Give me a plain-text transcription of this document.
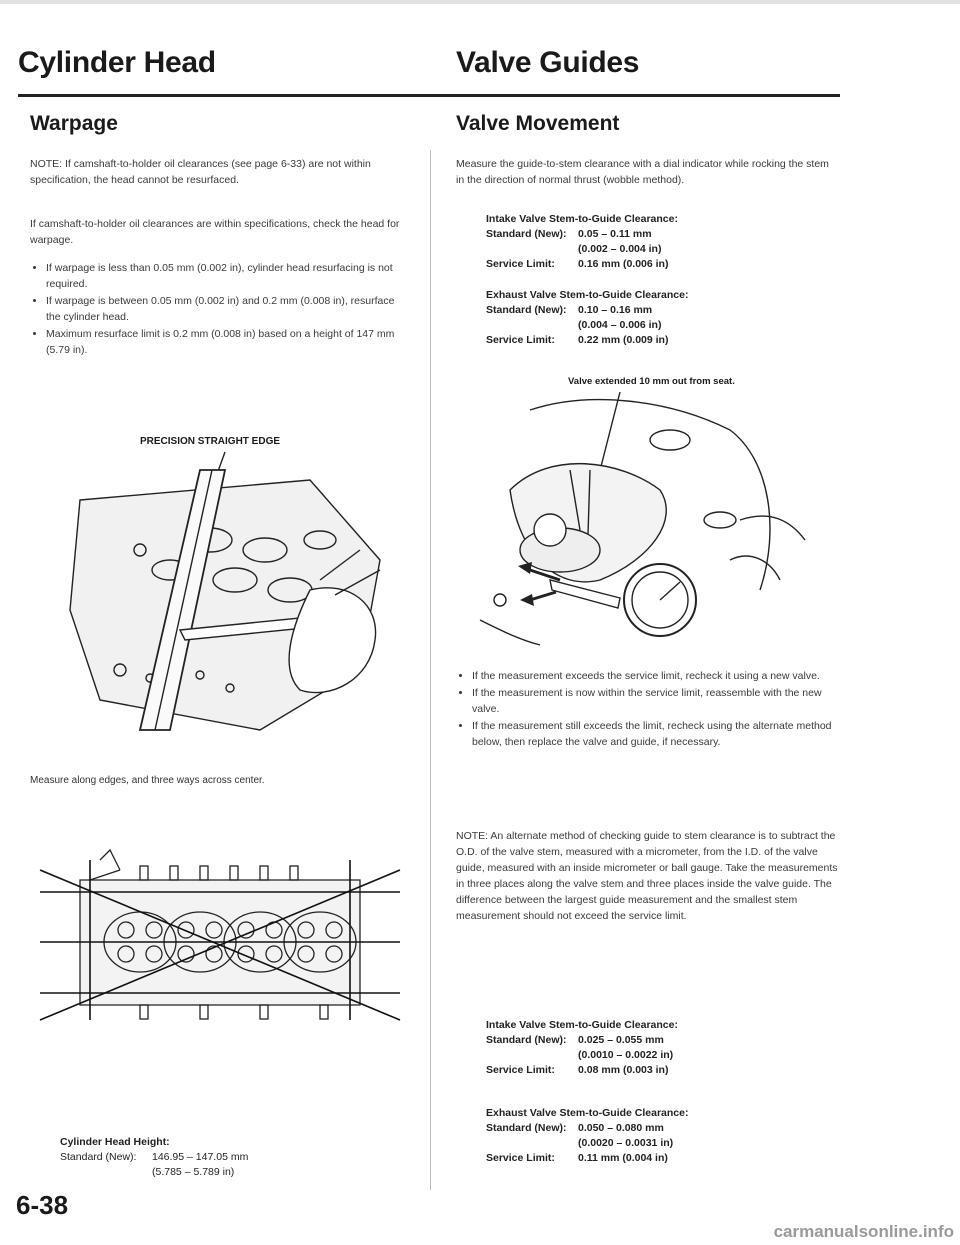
Cylinder Head	Valve Guides
Warpage
NOTE: If camshaft-to-holder oil clearances (see page 6-33) are not within specification, the head cannot be resurfaced.
If camshaft-to-holder oil clearances are within specifications, check the head for warpage.
• If warpage is less than 0.05 mm (0.002 in), cylinder head resurfacing is not required.
• If warpage is between 0.05 mm (0.002 in) and 0.2 mm (0.008 in), resurface the cylinder head.
• Maximum resurface limit is 0.2 mm (0.008 in) based on a height of 147 mm (5.79 in).
PRECISION STRAIGHT EDGE
Measure along edges, and three ways across center.
Cylinder Head Height:
Standard (New):	146.95 – 147.05 mm
(5.785 – 5.789 in)
Valve Movement
Measure the guide-to-stem clearance with a dial indicator while rocking the stem in the direction of normal thrust (wobble method).
Intake Valve Stem-to-Guide Clearance:
Standard (New):	0.05 – 0.11 mm
(0.002 – 0.004 in)
Service Limit:	0.16 mm (0.006 in)
Exhaust Valve Stem-to-Guide Clearance:
Standard (New):	0.10 – 0.16 mm
(0.004 – 0.006 in)
Service Limit:	0.22 mm (0.009 in)
Valve extended 10 mm out from seat.
• If the measurement exceeds the service limit, recheck it using a new valve.
• If the measurement is now within the service limit, reassemble with the new valve.
• If the measurement still exceeds the limit, recheck using the alternate method below, then replace the valve and guide, if necessary.
NOTE: An alternate method of checking guide to stem clearance is to subtract the O.D. of the valve stem, measured with a micrometer, from the I.D. of the valve guide, measured with an inside micrometer or ball gauge. Take the measurements in three places along the valve stem and three places inside the valve guide. The difference between the largest guide measurement and the smallest stem measurement should not exceed the service limit.
Intake Valve Stem-to-Guide Clearance:
Standard (New):	0.025 – 0.055 mm
(0.0010 – 0.0022 in)
Service Limit:	0.08 mm (0.003 in)
Exhaust Valve Stem-to-Guide Clearance:
Standard (New):	0.050 – 0.080 mm
(0.0020 – 0.0031 in)
Service Limit:	0.11 mm (0.004 in)
6-38
carmanualsonline.info
